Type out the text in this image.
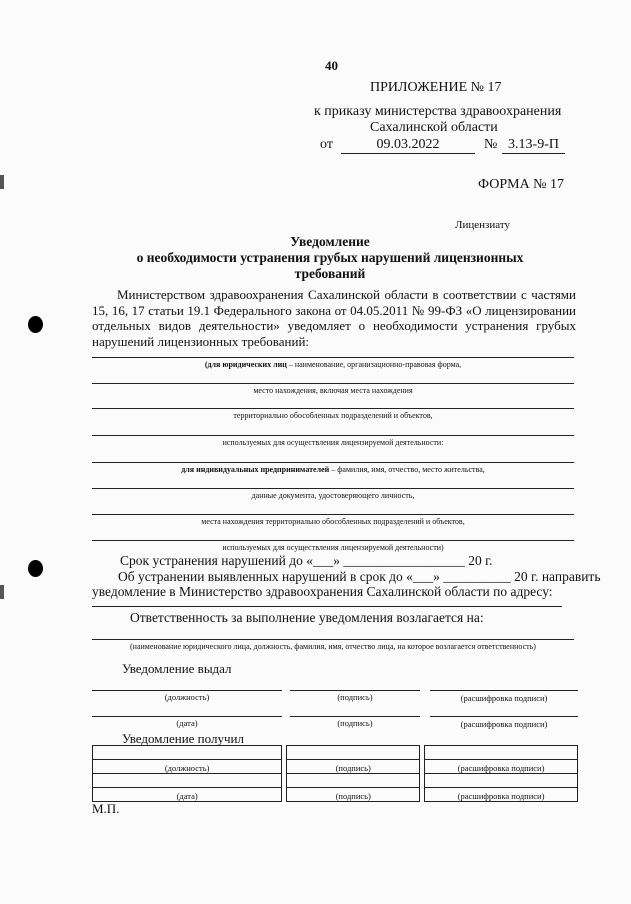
40
ПРИЛОЖЕНИЕ № 17
к приказу министерства здравоохранения
Сахалинской области
от	09.03.2022	№ 3.13-9-П
ФОРМА № 17
Лицензиату
Уведомление
о необходимости устранения грубых нарушений лицензионных
требований
Министерством здравоохранения Сахалинской области в соответствии с частями 15, 16, 17 статьи 19.1 Федерального закона от 04.05.2011 № 99-ФЗ «О лицензировании отдельных видов деятельности» уведомляет о необходимости устранения грубых нарушений лицензионных требований:
(для юридических лиц – наименование, организационно-правовая форма,
место нахождения, включая места нахождения
территориально обособленных подразделений и объектов,
используемых для осуществления лицензируемой деятельности:
для индивидуальных предпринимателей – фамилия, имя, отчество, место жительства,
данные документа, удостоверяющего личность,
места нахождения территориально обособленных подразделений и объектов,
используемых для осуществления лицензируемой деятельности)
Срок устранения нарушений до «___» __________________ 20 г.
Об устранении выявленных нарушений в срок до «___» __________ 20 г. направить
уведомление в Министерство здравоохранения Сахалинской области по адресу:
Ответственность за выполнение уведомления возлагается на:
(наименование юридического лица, должность, фамилия, имя, отчество лица, на которое возлагается ответственность)
Уведомление выдал
(должность)	(подпись)	(расшифровка подписи)
(дата)	(подпись)	(расшифровка подписи)
Уведомление получил

(должность)		(подпись)		(расшифровка подписи)

(дата)		(подпись)		(расшифровка подписи)
М.П.
